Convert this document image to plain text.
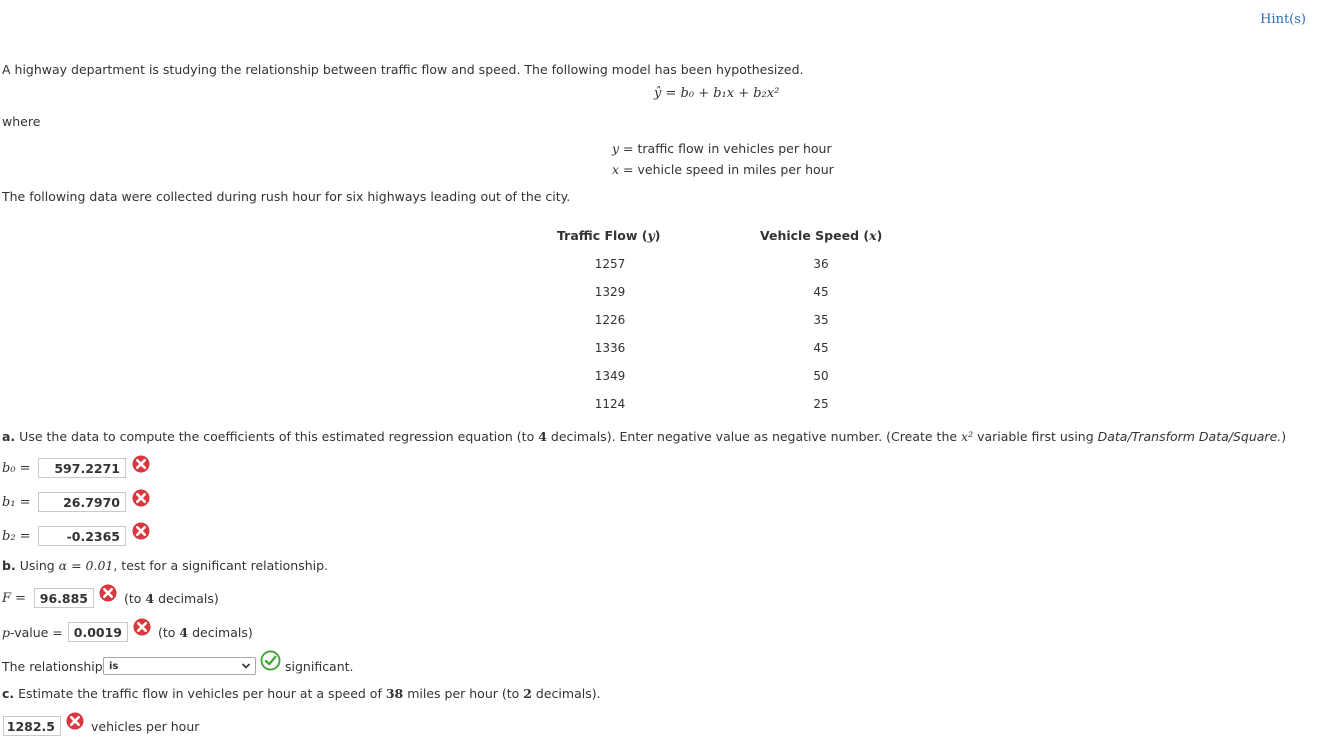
Hint(s)
A highway department is studying the relationship between traffic flow and speed. The following model has been hypothesized.
ŷ = b₀ + b₁x + b₂x²
where
y = traffic flow in vehicles per hour
x = vehicle speed in miles per hour
The following data were collected during rush hour for six highways leading out of the city.
Traffic Flow (y)	Vehicle Speed (x)
1257	36
1329	45
1226	35
1336	45
1349	50
1124	25
a. Use the data to compute the coefficients of this estimated regression equation (to 4 decimals). Enter negative value as negative number. (Create the x² variable first using Data/Transform Data/Square.)
b₀ =	597.2271
b₁ =	26.7970
b₂ =	-0.2365
b. Using α = 0.01, test for a significant relationship.
F =	96.885	(to 4 decimals)
p-value = 0.0019	(to 4 decimals)
The relationship is	significant.
c. Estimate the traffic flow in vehicles per hour at a speed of 38 miles per hour (to 2 decimals).
1282.5	vehicles per hour
